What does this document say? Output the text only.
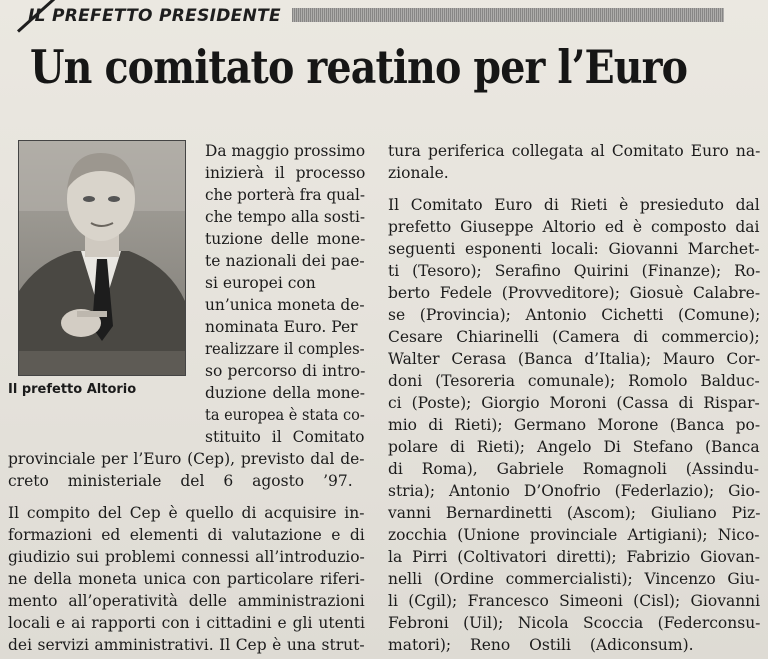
IL PREFETTO PRESIDENTE
Un comitato reatino per l’Euro
Il prefetto Altorio
Da maggio prossimo
inizierà il processo
che porterà fra qual-
che tempo alla sosti-
tuzione delle mone-
te nazionali dei pae-
si europei con
un’unica moneta de-
nominata Euro. Per
realizzare il comples-
so percorso di intro-
duzione della mone-
ta europea è stata co-
stituito il Comitato
provinciale per l’Euro (Cep), previsto dal de-
creto ministeriale del 6 agosto ’97.
Il compito del Cep è quello di acquisire in-
formazioni ed elementi di valutazione e di
giudizio sui problemi connessi all’introduzio-
ne della moneta unica con particolare riferi-
mento all’operatività delle amministrazioni
locali e ai rapporti con i cittadini e gli utenti
dei servizi amministrativi. Il Cep è una strut-
tura periferica collegata al Comitato Euro na-
zionale.
Il Comitato Euro di Rieti è presieduto dal
prefetto Giuseppe Altorio ed è composto dai
seguenti esponenti locali: Giovanni Marchet-
ti (Tesoro); Serafino Quirini (Finanze); Ro-
berto Fedele (Provveditore); Giosuè Calabre-
se (Provincia); Antonio Cichetti (Comune);
Cesare Chiarinelli (Camera di commercio);
Walter Cerasa (Banca d’Italia); Mauro Cor-
doni (Tesoreria comunale); Romolo Balduc-
ci (Poste); Giorgio Moroni (Cassa di Rispar-
mio di Rieti); Germano Morone (Banca po-
polare di Rieti); Angelo Di Stefano (Banca
di Roma), Gabriele Romagnoli (Assindu-
stria); Antonio D’Onofrio (Federlazio); Gio-
vanni Bernardinetti (Ascom); Giuliano Piz-
zocchia (Unione provinciale Artigiani); Nico-
la Pirri (Coltivatori diretti); Fabrizio Giovan-
nelli (Ordine commercialisti); Vincenzo Giu-
li (Cgil); Francesco Simeoni (Cisl); Giovanni
Febroni (Uil); Nicola Scoccia (Federconsu-
matori); Reno Ostili (Adiconsum).
